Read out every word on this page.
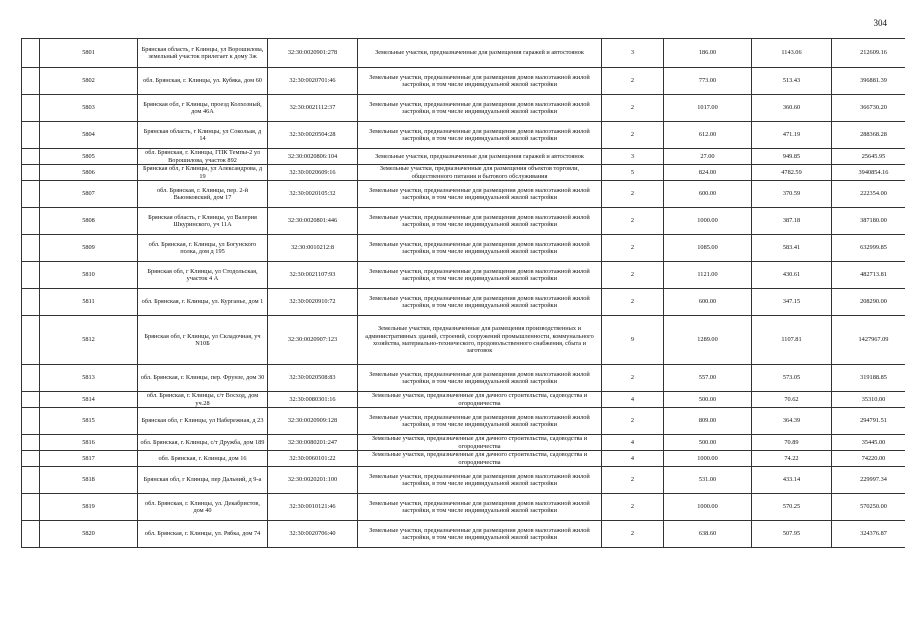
304
	5801	Брянская область, г Клинцы, ул Ворошилова, земельный участок прилегает к дому 3ж	32:30:0020901:278	Земельные участки, предназначенные для размещения гаражей и автостоянок	3	186.00	1143.06	212609.16	
	5802	обл. Брянская, г. Клинцы, ул. Кубяка, дом 60	32:30:0020701:46	Земельные участки, предназначенные для размещения домов малоэтажной жилой застройки, в том числе индивидуальной жилой застройки	2	773.00	513.43	396881.39	
	5803	Брянская обл, г Клинцы, проезд Колхозный, дом 46А	32:30:0021112:37	Земельные участки, предназначенные для размещения домов малоэтажной жилой застройки, в том числе индивидуальной жилой застройки	2	1017.00	360.60	366730.20	
	5804	Брянская область, г Клинцы, ул Сокольая, д 14	32:30:0020504:28	Земельные участки, предназначенные для размещения домов малоэтажной жилой застройки, в том числе индивидуальной жилой застройки	2	612.00	471.19	288368.28	
	5805	обл. Брянская, г. Клинцы, ГПК Темпы-2 ул Ворошилова, участок 892	32:30:0020806:104	Земельные участки, предназначенные для размещения гаражей и автостоянок	3	27.00	949.85	25645.95	
	5806	Брянская обл, г Клинцы, ул Александрова, д 19	32:30:0020609:16	Земельные участки, предназначенные для размещения объектов торговли, общественного питания и бытового обслуживания	5	824.00	4782.59	3940854.16	
	5807	обл. Брянская, г. Клинцы, пер. 2-й Вьюнковский, дом 17	32:30:0020105:32	Земельные участки, предназначенные для размещения домов малоэтажной жилой застройки, в том числе индивидуальной жилой застройки	2	600.00	370.59	222354.00	
	5808	Брянская область, г Клинцы, ул Валерия Шкуринского, уч 11А	32:30:0020801:446	Земельные участки, предназначенные для размещения домов малоэтажной жилой застройки, в том числе индивидуальной жилой застройки	2	1000.00	387.18	387180.00	
	5809	обл. Брянская, г. Клинцы, ул Богунского полка, дом д 195	32:30:0010212:8	Земельные участки, предназначенные для размещения домов малоэтажной жилой застройки, в том числе индивидуальной жилой застройки	2	1085.00	583.41	632999.85	
	5810	Брянская обл, г Клинцы, ул Стодольская, участок 4 А	32:30:0021107:93	Земельные участки, предназначенные для размещения домов малоэтажной жилой застройки, в том числе индивидуальной жилой застройки	2	1121.00	430.61	482713.81	
	5811	обл. Брянская, г. Клинцы, ул. Курганье, дом 1	32:30:0020910:72	Земельные участки, предназначенные для размещения домов малоэтажной жилой застройки, в том числе индивидуальной жилой застройки	2	600.00	347.15	208290.00	
	5812	Брянская обл, г Клинцы, ул Складочная, уч N10Б	32:30:0020907:123	Земельные участки, предназначенные для размещения производственных и административных зданий, строений, сооружений промышленности, коммунального хозяйства, материально-технического, продовольственного снабжения, сбыта и заготовок	9	1289.00	1107.81	1427967.09	
	5813	обл. Брянская, г. Клинцы, пер. Фрунзе, дом 30	32:30:0020508:83	Земельные участки, предназначенные для размещения домов малоэтажной жилой застройки, в том числе индивидуальной жилой застройки	2	557.00	573.05	319188.85	
	5814	обл. Брянская, г. Клинцы, с/т Восход, дом уч.28	32:30:0080301:16	Земельные участки, предназначенные для дачного строительства, садоводства и огородничества	4	500.00	70.62	35310.00	
	5815	Брянская обл, г Клинцы, ул Набережная, д 23	32:30:0020909:128	Земельные участки, предназначенные для размещения домов малоэтажной жилой застройки, в том числе индивидуальной жилой застройки	2	809.00	364.39	294791.51	
	5816	обл. Брянская, г. Клинцы, с/т Дружба, дом 189	32:30:0080201:247	Земельные участки, предназначенные для дачного строительства, садоводства и огородничества	4	500.00	70.89	35445.00	
	5817	обл. Брянская, г. Клинцы, дом 16	32:30:0060101:22	Земельные участки, предназначенные для дачного строительства, садоводства и огородничества	4	1000.00	74.22	74220.00	
	5818	Брянская обл, г Клинцы, пер Дальний, д 9-а	32:30:0020201:100	Земельные участки, предназначенные для размещения домов малоэтажной жилой застройки, в том числе индивидуальной жилой застройки	2	531.00	433.14	229997.34	
	5819	обл. Брянская, г. Клинцы, ул. Декабристов, дом 40	32:30:0010121:46	Земельные участки, предназначенные для размещения домов малоэтажной жилой застройки, в том числе индивидуальной жилой застройки	2	1000.00	570.25	570250.00	
	5820	обл. Брянская, г. Клинцы, ул. Рябка, дом 74	32:30:0020706:40	Земельные участки, предназначенные для размещения домов малоэтажной жилой застройки, в том числе индивидуальной жилой застройки	2	638.60	507.95	324376.87	
